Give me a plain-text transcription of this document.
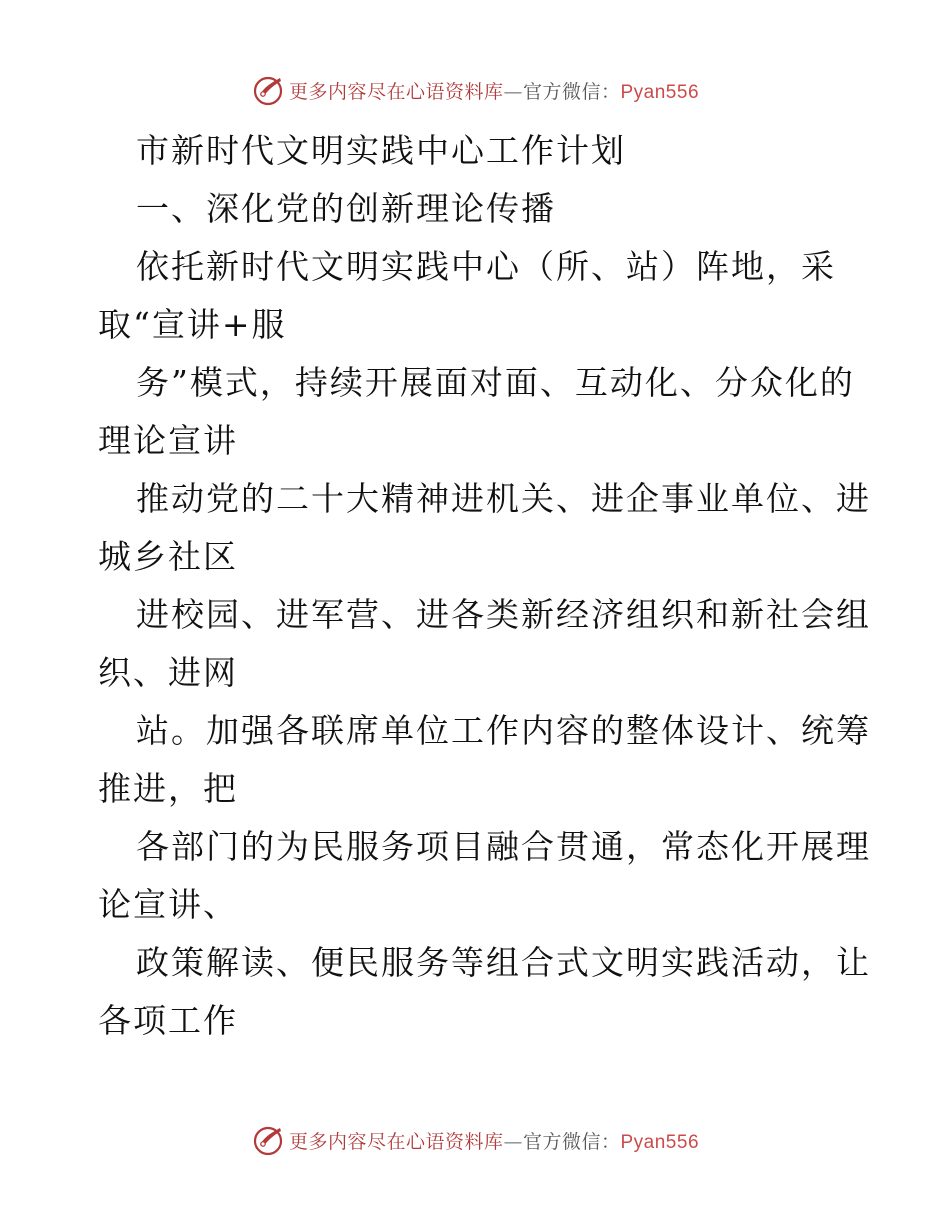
更多内容尽在心语资料库—官方微信：Pyan556
市新时代文明实践中心工作计划
一、深化党的创新理论传播
依托新时代文明实践中心（所、站）阵地，采
取“宣讲+服
务”模式，持续开展面对面、互动化、分众化的
理论宣讲
推动党的二十大精神进机关、进企事业单位、进
城乡社区
进校园、进军营、进各类新经济组织和新社会组
织、进网
站。加强各联席单位工作内容的整体设计、统筹
推进，把
各部门的为民服务项目融合贯通，常态化开展理
论宣讲、
政策解读、便民服务等组合式文明实践活动，让
各项工作
更多内容尽在心语资料库—官方微信：Pyan556
